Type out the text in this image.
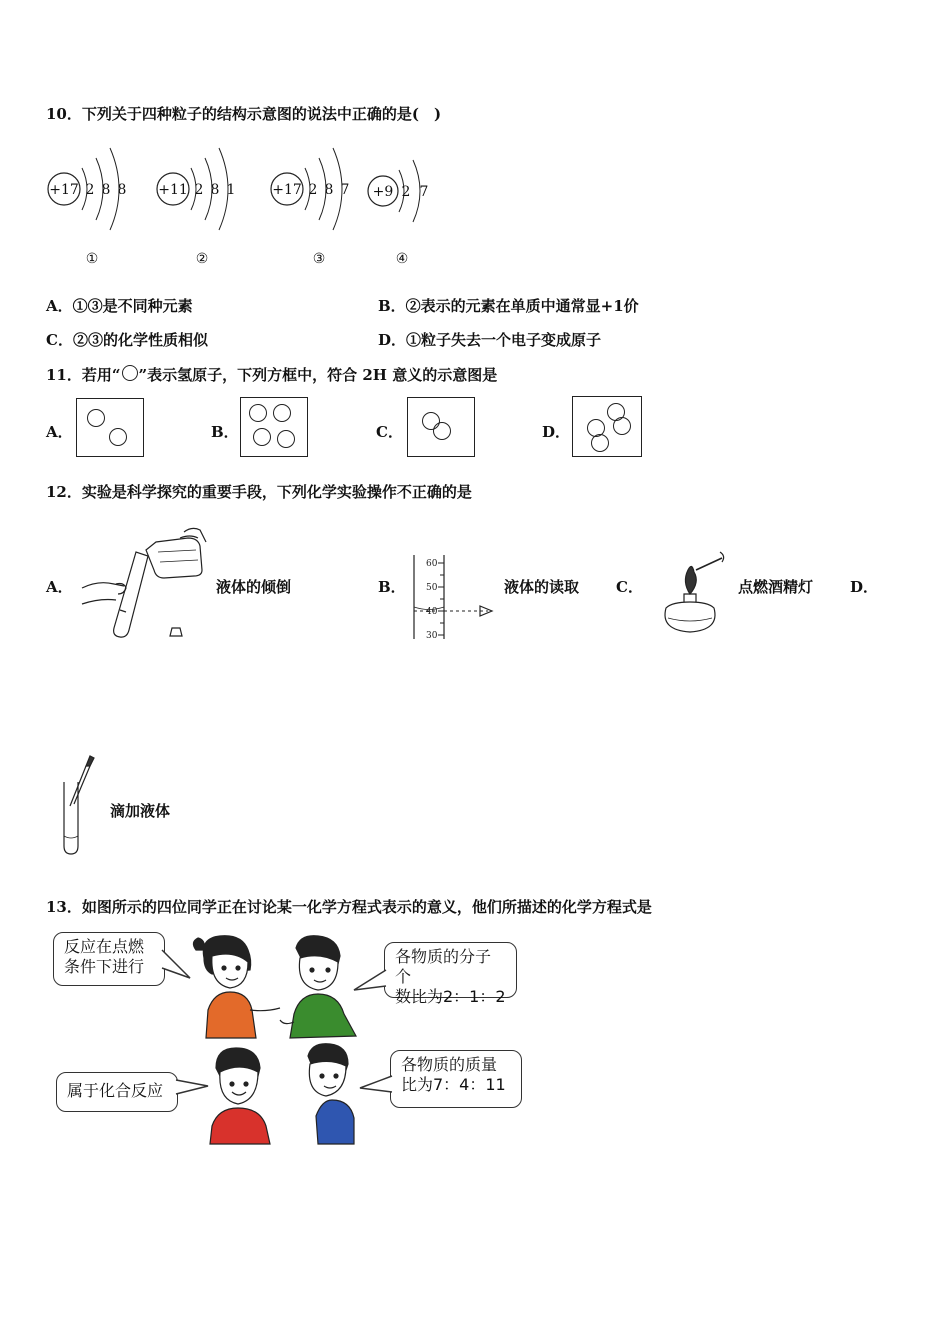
10．下列关于四种粒子的结构示意图的说法中正确的是(　)
+17 2 8 8
①
+11 2 8 1
②
+17 2 8 7
③
+9 2 7
④
A．①③是不同种元素	B．②表示的元素在单质中通常显+1价
C．②③的化学性质相似	D．①粒子失去一个电子变成原子
11．若用“ ”表示氢原子，下列方框中，符合 2H 意义的示意图是
A．	B．	C．	D．
12．实验是科学探究的重要手段，下列化学实验操作不正确的是
A．	液体的倾倒	B．
60
50
40
30
液体的读取 C．	点燃酒精灯 D．
滴加液体
13．如图所示的四位同学正在讨论某一化学方程式表示的意义，他们所描述的化学方程式是
反应在点燃
条件下进行
各物质的分子个
数比为2：1：2
属于化合反应
各物质的质量
比为7：4：11
